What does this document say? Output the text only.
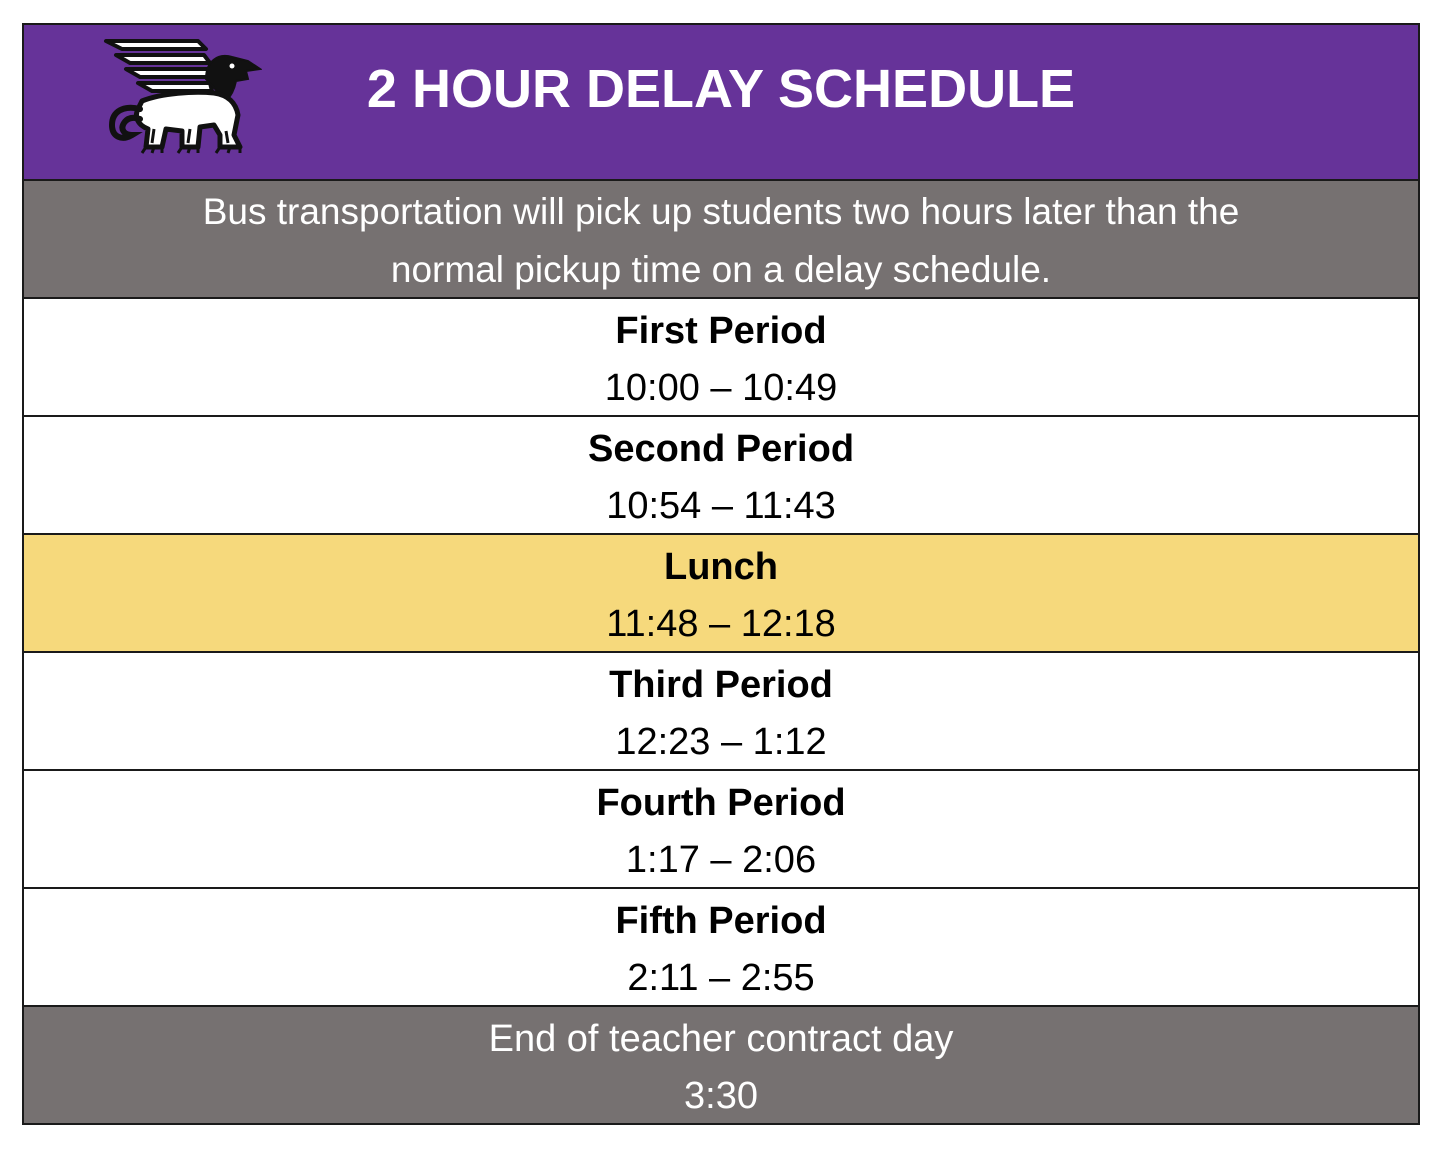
2 HOUR DELAY SCHEDULE
Bus transportation will pick up students two hours later than the
normal pickup time on a delay schedule.
First Period
10:00 – 10:49
Second Period
10:54 – 11:43
Lunch
11:48 – 12:18
Third Period
12:23 – 1:12
Fourth Period
1:17 – 2:06
Fifth Period
2:11 – 2:55
End of teacher contract day
3:30
